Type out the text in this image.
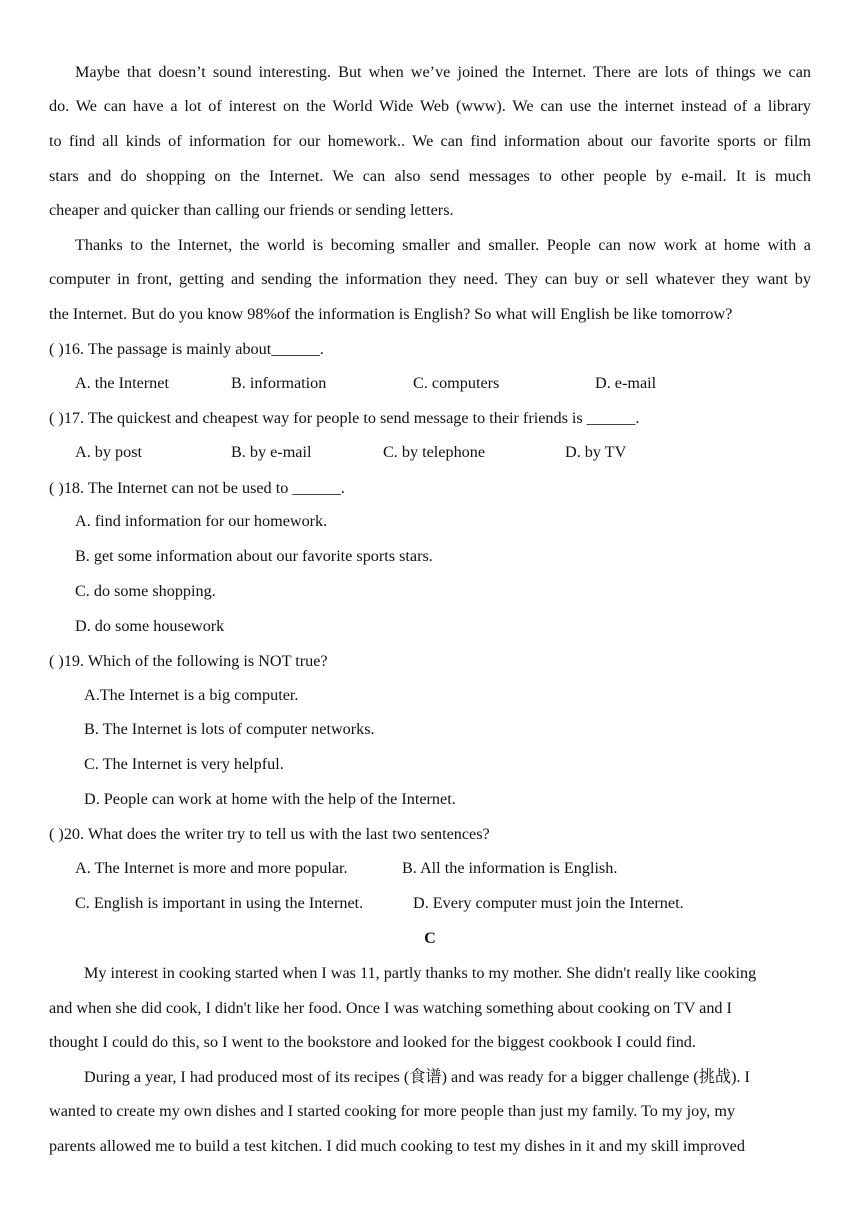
Maybe that doesn’t sound interesting. But when we’ve joined the Internet. There are lots of things we can
do. We can have a lot of interest on the World Wide Web (www). We can use the internet instead of a library
to find all kinds of information for our homework.. We can find information about our favorite sports or film
stars and do shopping on the Internet. We can also send messages to other people by e-mail. It is much
cheaper and quicker than calling our friends or sending letters.
Thanks to the Internet, the world is becoming smaller and smaller. People can now work at home with a
computer in front, getting and sending the information they need. They can buy or sell whatever they want by
the Internet. But do you know 98%of the information is English? So what will English be like tomorrow?
( )16. The passage is mainly about______.
A. the Internet	B. information	C. computers	D. e-mail
( )17. The quickest and cheapest way for people to send message to their friends is ______.
A. by post	B. by e-mail	C. by telephone	D. by TV
( )18. The Internet can not be used to ______.
A. find information for our homework.
B. get some information about our favorite sports stars.
C. do some shopping.
D. do some housework
( )19. Which of the following is NOT true?
A.The Internet is a big computer.
B. The Internet is lots of computer networks.
C. The Internet is very helpful.
D. People can work at home with the help of the Internet.
( )20. What does the writer try to tell us with the last two sentences?
A. The Internet is more and more popular.	B. All the information is English.
C. English is important in using the Internet.	D. Every computer must join the Internet.
C
My interest in cooking started when I was 11, partly thanks to my mother. She didn't really like cooking
and when she did cook, I didn't like her food. Once I was watching something about cooking on TV and I
thought I could do this, so I went to the bookstore and looked for the biggest cookbook I could find.
During a year, I had produced most of its recipes (食谱) and was ready for a bigger challenge (挑战). I
wanted to create my own dishes and I started cooking for more people than just my family. To my joy, my
parents allowed me to build a test kitchen. I did much cooking to test my dishes in it and my skill improved
